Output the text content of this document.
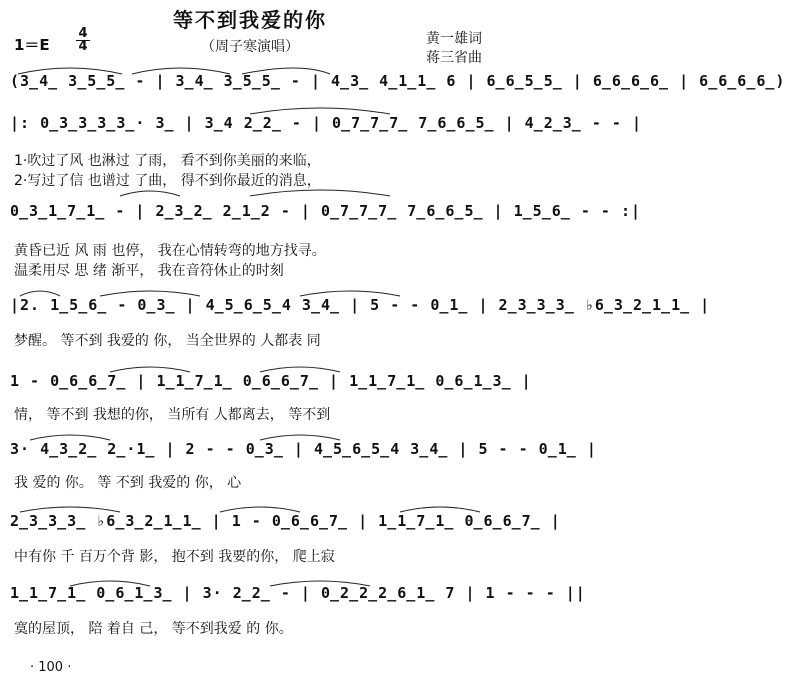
等不到我爱的你
（周子寒演唱）
$1=E \frac{4}{4}$	黄一雄词
蒋三省曲
(3̲4̲ 3̲5̲5̲ - | 3̲4̲ 3̲5̲5̲ - | 4̲3̲ 4̲1̲1̲ 6 | 6̲6̲5̲5̲ | 6̲6̲6̲6̲ | 6̲6̲6̲6̲)
|: 0̲3̲3̲3̲3̲· 3̲ | 3̲4 2̲2̲ - | 0̲7̲7̲7̲ 7̲6̲6̲5̲ | 4̲2̲3̲ - - |
1·吹过了风 也淋过 了雨， 看不到你美丽的来临，
2·写过了信 也谱过 了曲， 得不到你最近的消息，
0̲3̲1̲7̲1̲ - | 2̲3̲2̲ 2̲1̲2 - | 0̲7̲7̲7̲ 7̲6̲6̲5̲ | 1̲5̲6̲ - - :|
黄昏已近 风 雨 也停， 我在心情转弯的地方找寻。
温柔用尽 思 绪 渐平， 我在音符休止的时刻
|2. 1̲5̲6̲ - 0̲3̲ | 4̲5̲6̲5̲4 3̲4̲ | 5 - - 0̲1̲ | 2̲3̲3̲3̲ ♭6̲3̲2̲1̲1̲ |
梦醒。 等不到 我爱的 你， 当全世界的 人都表 同
1 - 0̲6̲6̲7̲ | 1̲1̲7̲1̲ 0̲6̲6̲7̲ | 1̲1̲7̲1̲ 0̲6̲1̲3̲ |
情， 等不到 我想的你， 当所有 人都离去， 等不到
3· 4̲3̲2̲ 2̲·1̲ | 2 - - 0̲3̲ | 4̲5̲6̲5̲4 3̲4̲ | 5 - - 0̲1̲ |
我 爱的 你。 等 不到 我爱的 你， 心
2̲3̲3̲3̲ ♭6̲3̲2̲1̲1̲ | 1 - 0̲6̲6̲7̲ | 1̲1̲7̲1̲ 0̲6̲6̲7̲ |
中有你 千 百万个背 影， 抱不到 我要的你， 爬上寂
1̲1̲7̲1̲ 0̲6̲1̲3̲ | 3· 2̲2̲ - | 0̲2̲2̲2̲6̲1̲ 7 | 1 - - - ||
寞的屋顶， 陪 着自 己， 等不到我爱 的 你。
· 100 ·
